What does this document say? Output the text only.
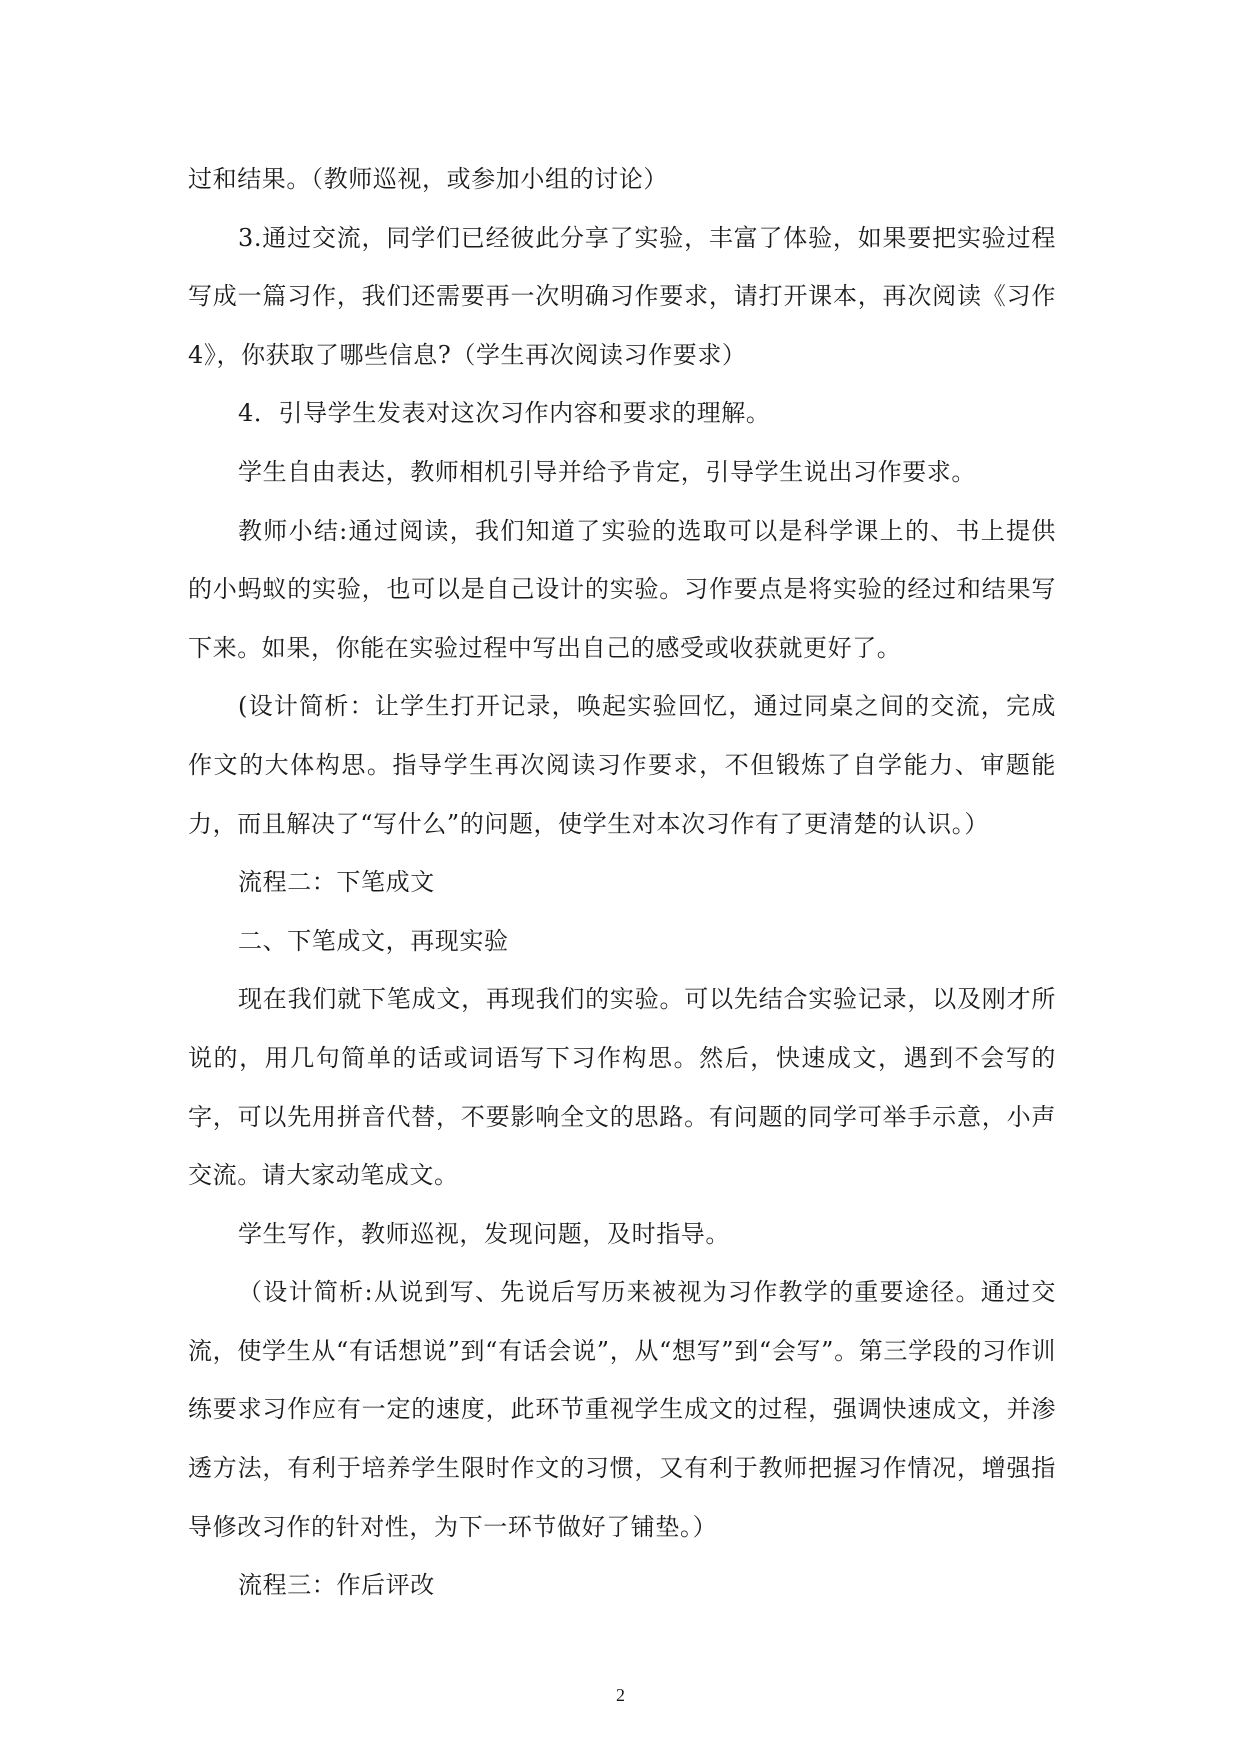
过和结果。（教师巡视，或参加小组的讨论）

3.通过交流，同学们已经彼此分享了实验，丰富了体验，如果要把实验过程写成一篇习作，我们还需要再一次明确习作要求，请打开课本，再次阅读《习作4》，你获取了哪些信息?（学生再次阅读习作要求）

4．引导学生发表对这次习作内容和要求的理解。

学生自由表达，教师相机引导并给予肯定，引导学生说出习作要求。

教师小结:通过阅读，我们知道了实验的选取可以是科学课上的、书上提供的小蚂蚁的实验，也可以是自己设计的实验。习作要点是将实验的经过和结果写下来。如果，你能在实验过程中写出自己的感受或收获就更好了。

(设计简析：让学生打开记录，唤起实验回忆，通过同桌之间的交流，完成作文的大体构思。指导学生再次阅读习作要求，不但锻炼了自学能力、审题能力，而且解决了“写什么”的问题，使学生对本次习作有了更清楚的认识。）

流程二：下笔成文

二、下笔成文，再现实验

现在我们就下笔成文，再现我们的实验。可以先结合实验记录，以及刚才所说的，用几句简单的话或词语写下习作构思。然后，快速成文，遇到不会写的字，可以先用拼音代替，不要影响全文的思路。有问题的同学可举手示意，小声交流。请大家动笔成文。

学生写作，教师巡视，发现问题，及时指导。

（设计简析:从说到写、先说后写历来被视为习作教学的重要途径。通过交流，使学生从“有话想说”到“有话会说”，从“想写”到“会写”。第三学段的习作训练要求习作应有一定的速度，此环节重视学生成文的过程，强调快速成文，并渗透方法，有利于培养学生限时作文的习惯，又有利于教师把握习作情况，增强指导修改习作的针对性，为下一环节做好了铺垫。）

流程三：作后评改

2
